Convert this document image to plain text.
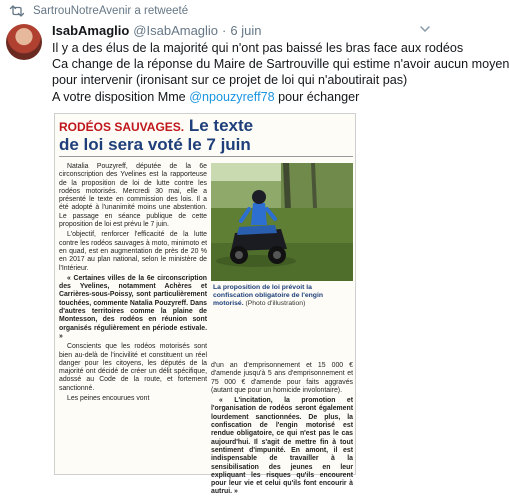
SartrouNotreAvenir a retweeté
IsabAmaglio @IsabAmaglio · 6 juin
Il y a des élus de la majorité qui n'ont pas baissé les bras face aux rodéos
Ca change de la réponse du Maire de Sartrouville qui estime n'avoir aucun moyen
pour intervenir (ironisant sur ce projet de loi qui n'aboutirait pas)
A votre disposition Mme @npouzyreff78 pour échanger
RODÉOS SAUVAGES. Le texte
de loi sera voté le 7 juin

Natalia Pouzyreff, députée de la 6e circonscription des Yvelines est la rapporteuse de la proposition de loi de lutte contre les rodéos motorisés. Mercredi 30 mai, elle a présenté le texte en commission des lois. Il a été adopté à l'unanimité moins une abstention. Le passage en séance publique de cette proposition de loi est prévu le 7 juin.

L'objectif, renforcer l'efficacité de la lutte contre les rodéos sauvages à moto, minimoto et en quad, est en augmentation de près de 20 % en 2017 au plan national, selon le ministère de l'Intérieur.

« Certaines villes de la 6e circonscription des Yvelines, notamment Achères et Carrières-sous-Poissy, sont particulièrement touchées, commente Natalia Pouzyreff. Dans d'autres territoires comme la plaine de Montesson, des rodéos en réunion sont organisés régulièrement en période estivale. »

Conscients que les rodéos motorisés sont bien au-delà de l'incivilité et constituent un réel danger pour les citoyens, les députés de la majorité ont décidé de créer un délit spécifique, adossé au Code de la route, et fortement sanctionné.

Les peines encourues vont

La proposition de loi prévoit la confiscation obligatoire de l'engin motorisé. (Photo d'illustration)

d'un an d'emprisonnement et 15 000 € d'amende jusqu'à 5 ans d'emprisonnement et 75 000 € d'amende pour faits aggravés (autant que pour un homicide involontaire).

« L'incitation, la promotion et l'organisation de rodéos seront également lourdement sanctionnées. De plus, la confiscation de l'engin motorisé est rendue obligatoire, ce qui n'est pas le cas aujourd'hui. Il s'agit de mettre fin à tout sentiment d'impunité. En amont, il est indispensable de travailler à la sensibilisation des jeunes en leur expliquant les risques qu'ils encourent pour leur vie et celui qu'ils font encourir à autrui. »
